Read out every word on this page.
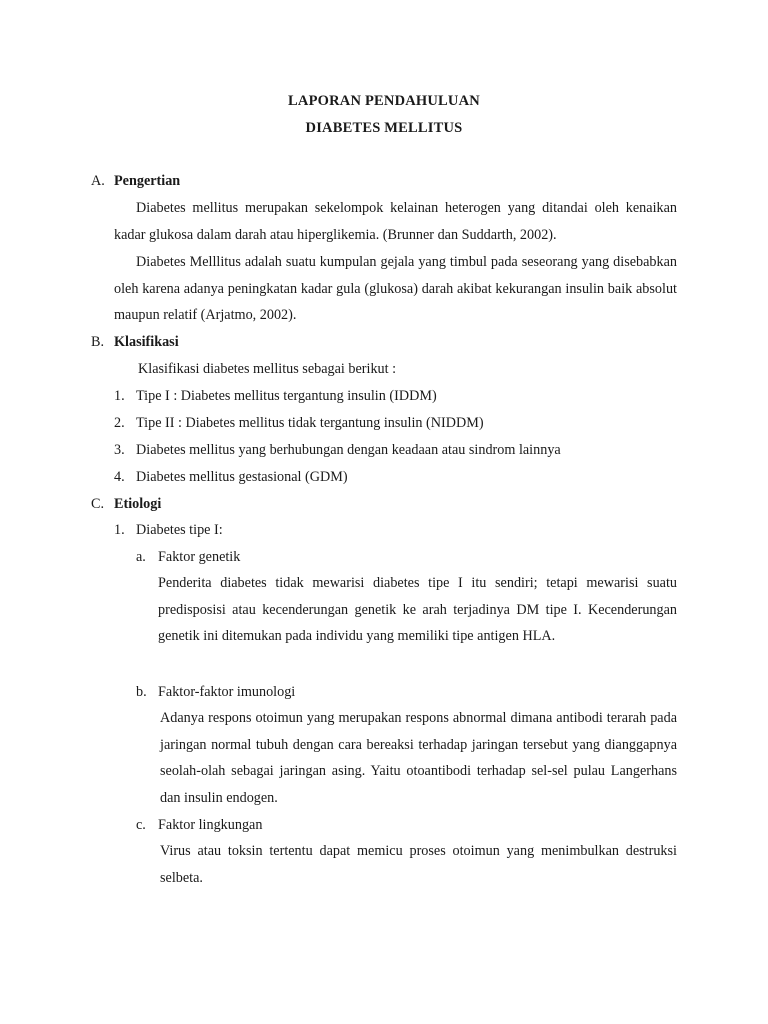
LAPORAN PENDAHULUAN
DIABETES MELLITUS
A. Pengertian
Diabetes mellitus merupakan sekelompok kelainan heterogen yang ditandai oleh kenaikan kadar glukosa dalam darah atau hiperglikemia. (Brunner dan Suddarth, 2002).
Diabetes Melllitus adalah suatu kumpulan gejala yang timbul pada seseorang yang disebabkan oleh karena adanya peningkatan kadar gula (glukosa) darah akibat kekurangan insulin baik absolut maupun relatif (Arjatmo, 2002).
B. Klasifikasi
Klasifikasi diabetes mellitus sebagai berikut :
1. Tipe I : Diabetes mellitus tergantung insulin (IDDM)
2. Tipe II : Diabetes mellitus tidak tergantung insulin (NIDDM)
3. Diabetes mellitus yang berhubungan dengan keadaan atau sindrom lainnya
4. Diabetes mellitus gestasional (GDM)
C. Etiologi
1. Diabetes tipe I:
a. Faktor genetik
Penderita diabetes tidak mewarisi diabetes tipe I itu sendiri; tetapi mewarisi suatu predisposisi atau kecenderungan genetik ke arah terjadinya DM tipe I. Kecenderungan genetik ini ditemukan pada individu yang memiliki tipe antigen HLA.
b. Faktor-faktor imunologi
Adanya respons otoimun yang merupakan respons abnormal dimana antibodi terarah pada jaringan normal tubuh dengan cara bereaksi terhadap jaringan tersebut yang dianggapnya seolah-olah sebagai jaringan asing. Yaitu otoantibodi terhadap sel-sel pulau Langerhans dan insulin endogen.
c. Faktor lingkungan
Virus atau toksin tertentu dapat memicu proses otoimun yang menimbulkan destruksi selbeta.
